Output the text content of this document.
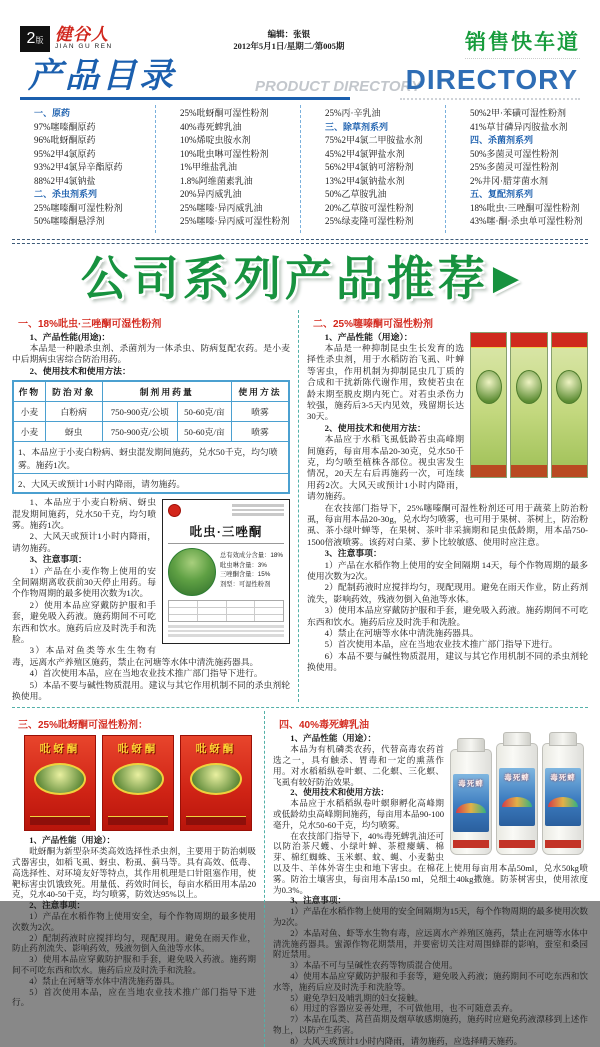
2版 健谷人
JIAN GU REN
编辑：张银
2012年5月1日/星期二/第005期	销售快车道
产品目录	PRODUCT DIRECTORY
DIRECTORY
一、原药
97%噻嗪酮原药
96%吡蚜酮原药
95%2甲4氯原药
93%2甲4氯异辛酯原药
88%2甲4氯钠盐
二、杀虫剂系列
25%噻嗪酮可湿性粉剂
50%噻嗪酮悬浮剂
25%吡蚜酮可湿性粉剂
40%毒死蜱乳油
10%烯啶虫胺水剂
10%吡虫啉可湿性粉剂
1%甲维盐乳油
1.8%阿维菌素乳油
20%异丙威乳油
25%噻嗪·异丙威乳油
25%噻嗪·异丙威可湿性粉剂
25%丙·辛乳油
三、除草剂系列
75%2甲4氯二甲胺盐水剂
45%2甲4氯钾盐水剂
56%2甲4氯钠可溶粉剂
13%2甲4氯钠盐水剂
50%乙草胺乳油
20%乙草胺可湿性粉剂
25%绿麦隆可湿性粉剂
50%2甲·苯磺可湿性粉剂
41%草甘磷异丙胺盐水剂
四、杀菌剂系列
50%多菌灵可湿性粉剂
25%多菌灵可湿性粉剂
2%井冈·腊芽菌水剂
五、复配剂系列
18%吡虫·三唑酮可湿性粉剂
43%噻·酮·杀虫单可湿性粉剂
公司系列产品推荐 ▶
一、18%吡虫·三唑酮可湿性粉剂

1、产品性能(用途)：

本品是一种融杀虫剂、杀菌剂为一体杀虫、防病复配农药。是小麦中后期病虫害综合防治用药。

2、使用技术和使用方法：

作物	防治对象	制剂用药量		使用方法
小麦	白粉病	750-900克/公顷	50-60克/亩	喷雾
小麦	蚜虫	750-900克/公顷	50-60克/亩	喷雾
1、本品应于小麦白粉病、蚜虫混发期间施药，兑水50千克，均匀喷雾。施药1次。				
2、大风天或预计1小时内降雨，请勿施药。				
吡虫·三唑酮
总有效成分含量：18%
吡虫啉含量：3%
三唑酮含量：15%
剂型：可湿性粉剂

1、本品应于小麦白粉病、蚜虫混发期间施药，兑水50千克，均匀喷雾。施药1次。

2、大风天或预计1小时内降雨，请勿施药。

3、注意事项：

1）产品在小麦作物上使用的安全间隔期离收获前30天停止用药。每个作物周期的最多使用次数为1次。

2）使用本品应穿戴防护服和手套，避免吸入药液。施药期间不可吃东西和饮水。施药后应及时洗手和洗脸。

3）本品对鱼类等水生生物有毒，远离水产养殖区施药，禁止在河塘等水体中清洗施药器具。

4）首次使用本品，应在当地农业技术推广部门指导下进行。

5）本品不要与碱性物质混用。建议与其它作用机制不同的杀虫剂轮换使用。

二、25%噻嗪酮可湿性粉剂

1、产品性能（用途）：

本品是一种抑制昆虫生长发育的选择性杀虫剂，用于水稻防治飞虱、叶蝉等害虫，作用机制为抑制昆虫几丁质的合成和干扰新陈代谢作用，致使若虫在龄末期至脱皮期内死亡。对若虫杀伤力较强，施药后3-5天内见效，残留期长达30天。

2、使用技术和使用方法：

本品应于水稻飞虱低龄若虫高峰期间施药，每亩用本品20-30克，兑水50千克，均匀喷至植株各部位。视虫害发生情况，20天左右后再施药一次，可连续用药2次。大风天或预计1小时内降雨，请勿施药。

在农技部门指导下，25%噻嗪酮可湿性粉剂还可用于蔬菜上防治粉虱，每亩用本品20-30g，兑水均匀喷雾，也可用于果树、茶树上，防治粉虱、茶小绿叶蝉等，在果树、茶叶非采摘期和昆虫低龄期，用本品750-1500倍液喷雾。该药对白菜、萝卜比较敏感、使用时应注意。

3、注意事项：

1）产品在水稻作物上使用的安全间隔期 14天，每个作物周期的最多使用次数为2次。

2）配制药液时应搅拌均匀，现配现用。避免在雨天作业，防止药剂流失，影响药效，残液勿倒入鱼池等水体。

3）使用本品应穿戴防护服和手套，避免吸入药液。施药期间不可吃东西和饮水。施药后应及时洗手和洗脸。

4）禁止在河塘等水体中清洗施药器具。

5）首次使用本品，应在当地农业技术推广部门指导下进行。

6）本品不要与碱性物质混用，建议与其它作用机制不同的杀虫剂轮换使用。

三、25%吡蚜酮可湿性粉剂：
吡蚜酮	吡蚜酮	吡蚜酮

1、产品性能（用途）：

吡蚜酮为新型杂环类高效选择性杀虫剂，主要用于防治刺吸式器害虫，如稻飞虱、蚜虫、粉虱、蓟马等。具有高效、低毒、高选择性、对环境友好等特点，其作用机理是口针阻塞作用，使靶标害虫饥饿致死。用量低、药效时间长，每亩水稻田用本品20克，兑水40-50千克，均匀喷雾，防效达95%以上。

2、注意事项：

1）产品在水稻作物上使用安全，每个作物周期的最多使用次数为2次。

2）配制药液时应搅拌均匀，现配现用。避免在雨天作业，防止药剂流失、影响药效，残液勿倒入鱼池等水体。

3）使用本品应穿戴防护服和手套，避免吸入药液。施药期间不可吃东西和饮水。施药后应及时洗手和洗脸。

4）禁止在河塘等水体中清洗施药器具。

5）首次使用本品，应在当地农业技术推广部门指导下进行。

四、40%毒死蜱乳油
毒死蜱
毒死蜱	毒死蜱

1、产品性能（用途）：

本品为有机磷类农药，代替高毒农药首选之一，具有触杀、胃毒和一定的熏蒸作用。对水稻稻纵卷叶螟、二化螟、三化螟、飞虱有较好防治效果。

2、使用技术和使用方法：

本品应于水稻稻纵卷叶螟卵孵化高峰期或低龄幼虫高峰期间施药，每亩用本品90-100毫升，兑水50-60千克，均匀喷雾。

在农技部门指导下，40%毒死蜱乳油还可以防治茶尺蠖、小绿叶蝉、茶橙瘿螨、棉芽、棉红蜘蛛、玉米螟、蚊、蝇、小麦黏虫以及牛、羊体外寄生虫和地下害虫。在棉花上使用每亩用本品50ml，兑水50kg喷雾。防治土壤害虫，每亩用本品150 ml，兑细土40kg撒施。防茶树害虫，使用浓度为0.3%。

3、注意事项：

1）产品在水稻作物上使用的安全间隔期为15天，每个作物周期的最多使用次数为2次。

2）本品对鱼、虾等水生物有毒，应远离水产养殖区施药，禁止在河塘等水体中清洗施药器具。蜜源作物花期禁用，并要密切关注对周围蜂群的影响，蚕室和桑园附近禁用。

3）本品不可与呈碱性农药等物质混合使用。

4）使用本品应穿戴防护服和手套等，避免吸入药液；施药期间不可吃东西和饮水等，施药后应及时洗手和洗脸等。

5）避免孕妇及哺乳期的妇女接触。

6）用过的容器应妥善处理，不可做他用，也不可随意丢弃。

7）本品在瓜类、莴苣苗期及烟草敏感期施药，施药时应避免药液漂移到上述作物上，以防产生药害。

8）大风天或预计1小时内降雨，请勿施药，应选择晴天施药。
